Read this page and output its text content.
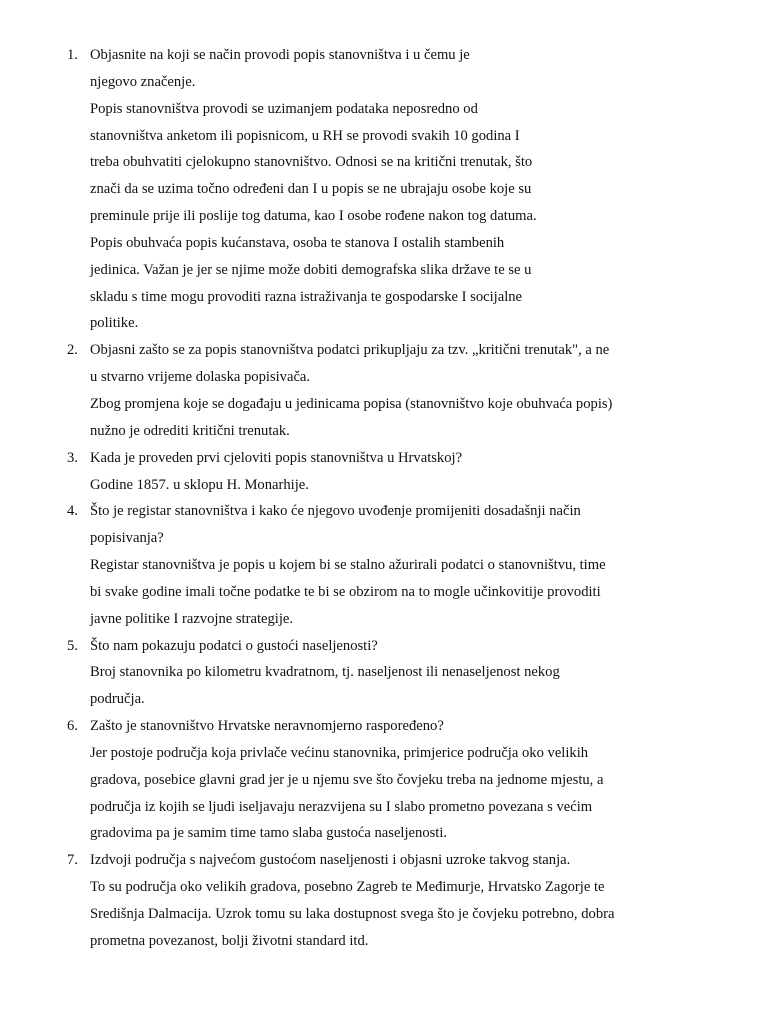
1. Objasnite na koji se način provodi popis stanovništva i u čemu je
njegovo značenje.
Popis stanovništva provodi se uzimanjem podataka neposredno od
stanovništva anketom ili popisnicom, u RH se provodi svakih 10 godina I
treba obuhvatiti cjelokupno stanovništvo. Odnosi se na kritični trenutak, što
znači da se uzima točno određeni dan I u popis se ne ubrajaju osobe koje su
preminule prije ili poslije tog datuma, kao I osobe rođene nakon tog datuma.
Popis obuhvaća popis kućanstava, osoba te stanova I ostalih stambenih
jedinica. Važan je jer se njime može dobiti demografska slika države te se u
skladu s time mogu provoditi razna istraživanja te gospodarske I socijalne
politike.
2. Objasni zašto se za popis stanovništva podatci prikupljaju za tzv. „kritični trenutak", a ne
u stvarno vrijeme dolaska popisivača.
Zbog promjena koje se događaju u jedinicama popisa (stanovništvo koje obuhvaća popis)
nužno je odrediti kritični trenutak.
3. Kada je proveden prvi cjeloviti popis stanovništva u Hrvatskoj?
Godine 1857. u sklopu H. Monarhije.
4. Što je registar stanovništva i kako će njegovo uvođenje promijeniti dosadašnji način
popisivanja?
Registar stanovništva je popis u kojem bi se stalno ažurirali podatci o stanovništvu, time
bi svake godine imali točne podatke te bi se obzirom na to mogle učinkovitije provoditi
javne politike I razvojne strategije.
5. Što nam pokazuju podatci o gustoći naseljenosti?
Broj stanovnika po kilometru kvadratnom, tj. naseljenost ili nenaseljenost nekog
područja.
6. Zašto je stanovništvo Hrvatske neravnomjerno raspoređeno?
Jer postoje područja koja privlače većinu stanovnika, primjerice područja oko velikih
gradova, posebice glavni grad jer je u njemu sve što čovjeku treba na jednome mjestu, a
područja iz kojih se ljudi iseljavaju nerazvijena su I slabo prometno povezana s većim
gradovima pa je samim time tamo slaba gustoća naseljenosti.
7. Izdvoji područja s najvećom gustoćom naseljenosti i objasni uzroke takvog stanja.
To su područja oko velikih gradova, posebno Zagreb te Međimurje, Hrvatsko Zagorje te
Središnja Dalmacija. Uzrok tomu su laka dostupnost svega što je čovjeku potrebno, dobra
prometna povezanost, bolji životni standard itd.
